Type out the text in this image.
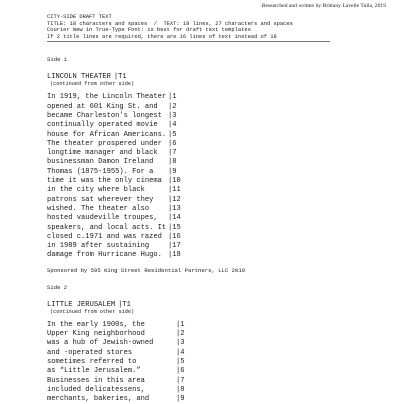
Researched and written by Brittany Lavelle Tulla, 2019
CITY-SIDE DRAFT TEXT
TITLE: 18 characters and spaces  /  TEXT: 18 lines, 27 characters and spaces
Courier New in True-Type Font: is best for draft text templates
If 2 title lines are required, there are 16 lines of text instead of 18
Side 1
LINCOLN THEATER |T1
(continued from other side)
In 1919, the Lincoln Theater |1
opened at 601 King St. and	|2
became Charleston’s longest |3
continually operated movie	|4
house for African Americans. |5
The theater prospered under |6
longtime manager and black	|7
businessman Damon Ireland	|8
Thomas (1875-1955). For a	|9
time it was the only cinema |10
in the city where black	|11
patrons sat wherever they	|12
wished. The theater also	|13
hosted vaudeville troupes,	|14
speakers, and local acts. It |15
closed c.1971 and was razed |16
in 1989 after sustaining	|17
damage from Hurricane Hugo. |18
Sponsored by 595 King Street Residential Partners, LLC 2019
Side 2
LITTLE JERUSALEM |T1
(continued from other side)
In the early 1900s, the	|1
Upper King neighborhood	|2
was a hub of Jewish-owned	|3
and -operated stores	|4
sometimes referred to	|5
as “Little Jerusalem.”	|6
Businesses in this area	|7
included delicatessens,	|8
merchants, bakeries, and	|9
